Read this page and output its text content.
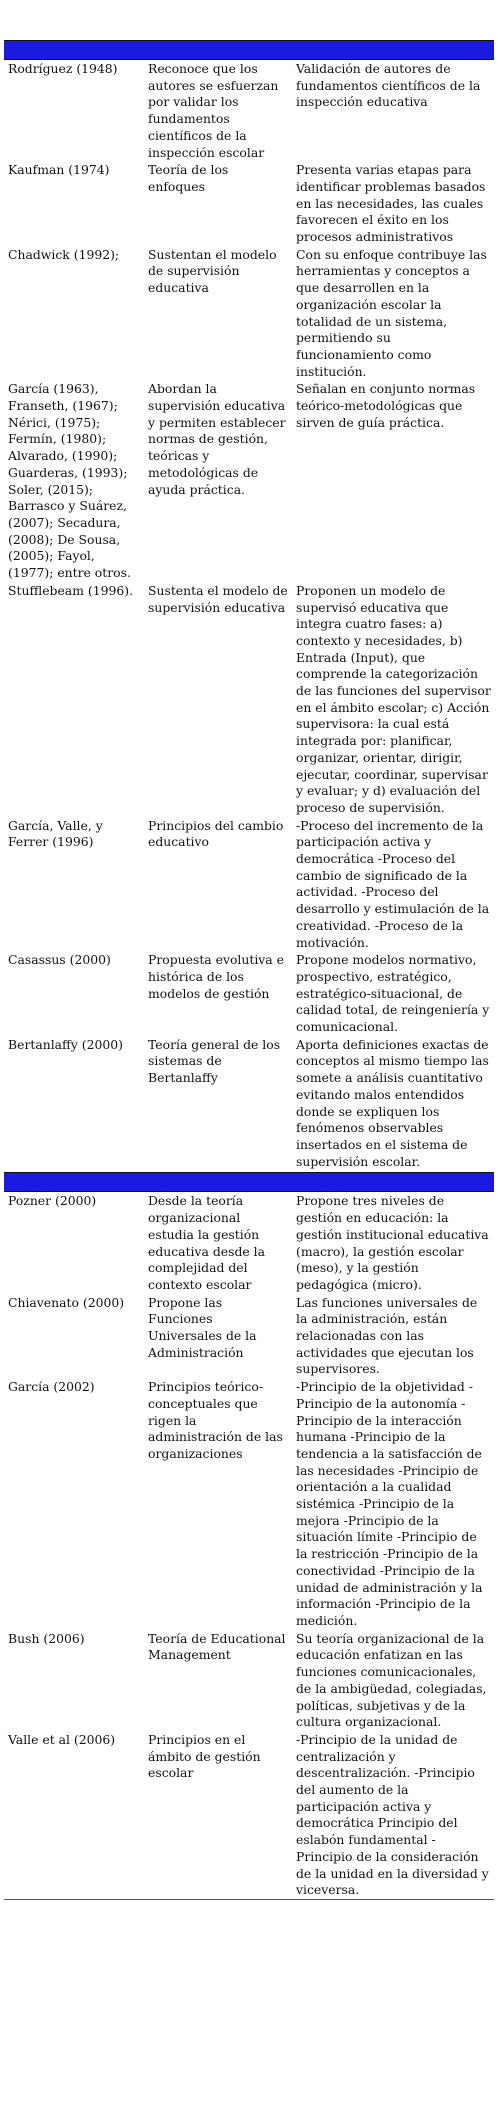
Autores	Aportes	Descripción
Rodríguez (1948)	Reconoce que los autores se esfuerzan por validar los fundamentos científicos de la inspección escolar	Validación de autores de fundamentos científicos de la inspección educativa
Kaufman (1974)	Teoría de los enfoques	Presenta varias etapas para identificar problemas basados en las necesidades, las cuales favorecen el éxito en los procesos administrativos
Chadwick (1992);	Sustentan el modelo de supervisión educativa	Con su enfoque contribuye las herramientas y conceptos a que desarrollen en la organización escolar la totalidad de un sistema, permitiendo su funcionamiento como institución.
García (1963), Franseth, (1967); Nérici, (1975); Fermín, (1980); Alvarado, (1990); Guarderas, (1993); Soler, (2015); Barrasco y Suárez, (2007); Secadura, (2008); De Sousa, (2005); Fayol, (1977); entre otros.	Abordan la supervisión educativa y permiten establecer normas de gestión, teóricas y metodológicas de ayuda práctica.	Señalan en conjunto normas teórico-metodológicas que sirven de guía práctica.
Stufflebeam (1996).	Sustenta el modelo de supervisión educativa	Proponen un modelo de supervisó educativa que integra cuatro fases: a) contexto y necesidades, b) Entrada (Input), que comprende la categorización de las funciones del supervisor en el ámbito escolar; c) Acción supervisora: la cual está integrada por: planificar, organizar, orientar, dirigir, ejecutar, coordinar, supervisar y evaluar; y d) evaluación del proceso de supervisión.
García, Valle, y Ferrer (1996)	Principios del cambio educativo	-Proceso del incremento de la participación activa y democrática -Proceso del cambio de significado de la actividad. -Proceso del desarrollo y estimulación de la creatividad. -Proceso de la motivación.
Casassus (2000)	Propuesta evolutiva e histórica de los modelos de gestión	Propone modelos normativo, prospectivo, estratégico, estratégico-situacional, de calidad total, de reingeniería y comunicacional.
Bertanlaffy (2000)	Teoría general de los sistemas de Bertanlaffy	Aporta definiciones exactas de conceptos al mismo tiempo las somete a análisis cuantitativo evitando malos entendidos donde se expliquen los fenómenos observables insertados en el sistema de supervisión escolar.
Autores	Aportes	Descripción
Pozner (2000)	Desde la teoría organizacional estudia la gestión educativa desde la complejidad del contexto escolar	Propone tres niveles de gestión en educación: la gestión institucional educativa (macro), la gestión escolar (meso), y la gestión pedagógica (micro).
Chiavenato (2000)	Propone las Funciones Universales de la Administración	Las funciones universales de la administración, están relacionadas con las actividades que ejecutan los supervisores.
García (2002)	Principios teórico-conceptuales que rigen la administración de las organizaciones	-Principio de la objetividad -Principio de la autonomía -Principio de la interacción humana -Principio de la tendencia a la satisfacción de las necesidades -Principio de orientación a la cualidad sistémica -Principio de la mejora -Principio de la situación límite -Principio de la restricción -Principio de la conectividad -Principio de la unidad de administración y la información -Principio de la medición.
Bush (2006)	Teoría de Educational Management	Su teoría organizacional de la educación enfatizan en las funciones comunicacionales, de la ambigüedad, colegiadas, políticas, subjetivas y de la cultura organizacional.
Valle et al (2006)	Principios en el ámbito de gestión escolar	-Principio de la unidad de centralización y descentralización. -Principio del aumento de la participación activa y democrática Principio del eslabón fundamental -Principio de la consideración de la unidad en la diversidad y viceversa.
